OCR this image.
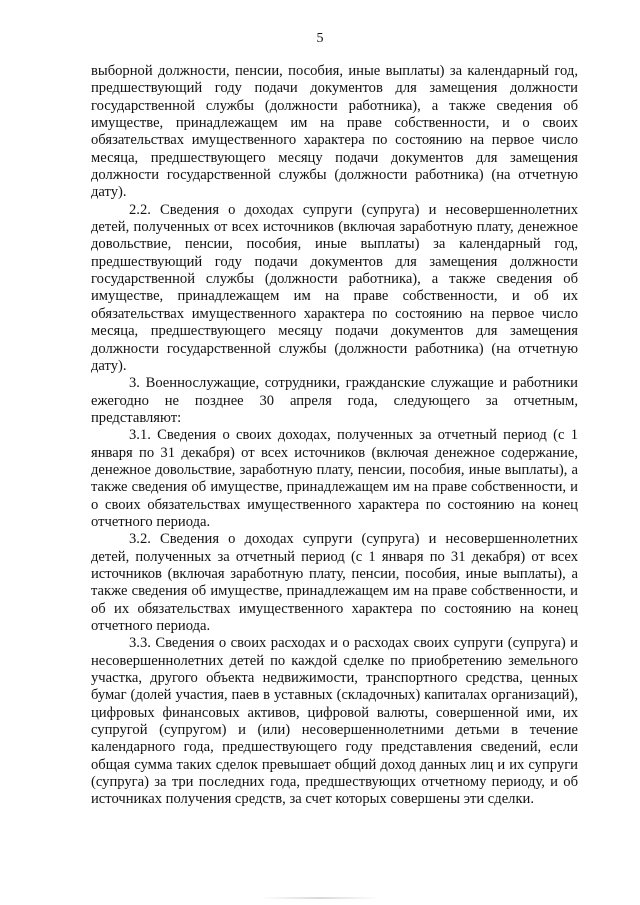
5

выборной должности, пенсии, пособия, иные выплаты) за календарный год, предшествующий году подачи документов для замещения должности государственной службы (должности работника), а также сведения об имуществе, принадлежащем им на праве собственности, и о своих обязательствах имущественного характера по состоянию на первое число месяца, предшествующего месяцу подачи документов для замещения должности государственной службы (должности работника) (на отчетную дату).

2.2. Сведения о доходах супруги (супруга) и несовершеннолетних детей, полученных от всех источников (включая заработную плату, денежное довольствие, пенсии, пособия, иные выплаты) за календарный год, предшествующий году подачи документов для замещения должности государственной службы (должности работника), а также сведения об имуществе, принадлежащем им на праве собственности, и об их обязательствах имущественного характера по состоянию на первое число месяца, предшествующего месяцу подачи документов для замещения должности государственной службы (должности работника) (на отчетную дату).

3. Военнослужащие, сотрудники, гражданские служащие и работники ежегодно не позднее 30 апреля года, следующего за отчетным, представляют:

3.1. Сведения о своих доходах, полученных за отчетный период (с 1 января по 31 декабря) от всех источников (включая денежное содержание, денежное довольствие, заработную плату, пенсии, пособия, иные выплаты), а также сведения об имуществе, принадлежащем им на праве собственности, и о своих обязательствах имущественного характера по состоянию на конец отчетного периода.

3.2. Сведения о доходах супруги (супруга) и несовершеннолетних детей, полученных за отчетный период (с 1 января по 31 декабря) от всех источников (включая заработную плату, пенсии, пособия, иные выплаты), а также сведения об имуществе, принадлежащем им на праве собственности, и об их обязательствах имущественного характера по состоянию на конец отчетного периода.

3.3. Сведения о своих расходах и о расходах своих супруги (супруга) и несовершеннолетних детей по каждой сделке по приобретению земельного участка, другого объекта недвижимости, транспортного средства, ценных бумаг (долей участия, паев в уставных (складочных) капиталах организаций), цифровых финансовых активов, цифровой валюты, совершенной ими, их супругой (супругом) и (или) несовершеннолетними детьми в течение календарного года, предшествующего году представления сведений, если общая сумма таких сделок превышает общий доход данных лиц и их супруги (супруга) за три последних года, предшествующих отчетному периоду, и об источниках получения средств, за счет которых совершены эти сделки.
